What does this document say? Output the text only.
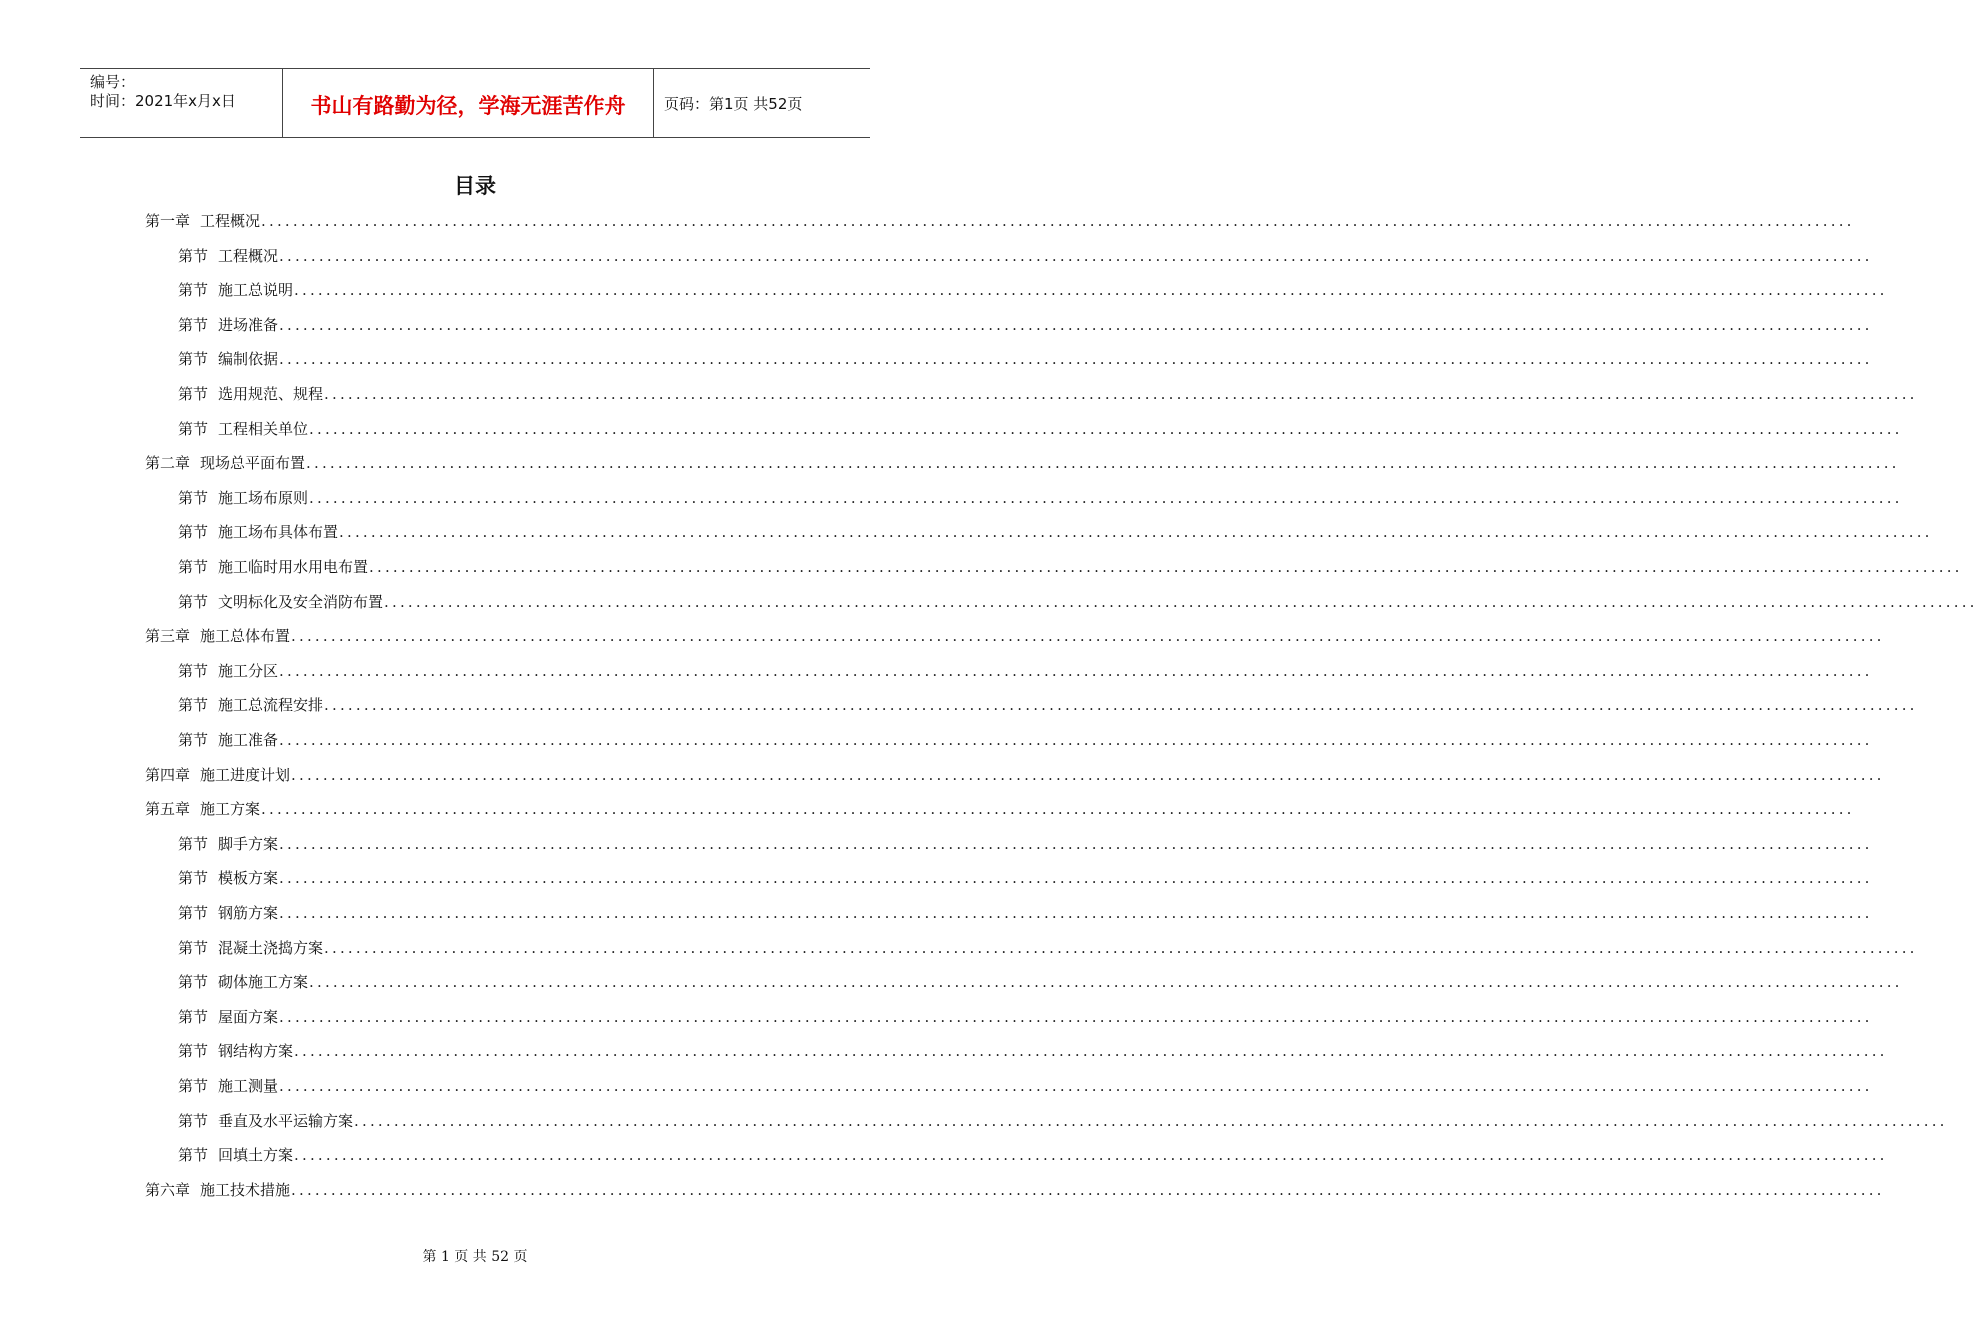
编号：
时间：2021年x月x日	书山有路勤为径，学海无涯苦作舟	页码：第1页 共52页
目录
第一章 工程概况 ........................................................................................................................................................................................................
第节 工程概况 ........................................................................................................................................................................................................
第节 施工总说明 ........................................................................................................................................................................................................
第节 进场准备 ........................................................................................................................................................................................................
第节 编制依据 ........................................................................................................................................................................................................
第节 选用规范、规程 ........................................................................................................................................................................................................
第节 工程相关单位 ........................................................................................................................................................................................................
第二章 现场总平面布置 ........................................................................................................................................................................................................
第节 施工场布原则 ........................................................................................................................................................................................................
第节 施工场布具体布置 ........................................................................................................................................................................................................
第节 施工临时用水用电布置 ........................................................................................................................................................................................................
第节 文明标化及安全消防布置 ........................................................................................................................................................................................................
第三章 施工总体布置 ........................................................................................................................................................................................................
第节 施工分区 ........................................................................................................................................................................................................
第节 施工总流程安排 ........................................................................................................................................................................................................
第节 施工准备 ........................................................................................................................................................................................................
第四章 施工进度计划 ........................................................................................................................................................................................................
第五章 施工方案 ........................................................................................................................................................................................................
第节 脚手方案 ........................................................................................................................................................................................................
第节 模板方案 ........................................................................................................................................................................................................
第节 钢筋方案 ........................................................................................................................................................................................................
第节 混凝土浇捣方案 ........................................................................................................................................................................................................
第节 砌体施工方案 ........................................................................................................................................................................................................
第节 屋面方案 ........................................................................................................................................................................................................
第节 钢结构方案 ........................................................................................................................................................................................................
第节 施工测量 ........................................................................................................................................................................................................
第节 垂直及水平运输方案 ........................................................................................................................................................................................................
第节 回填土方案 ........................................................................................................................................................................................................
第六章 施工技术措施 ........................................................................................................................................................................................................
第 1 页 共 52 页
